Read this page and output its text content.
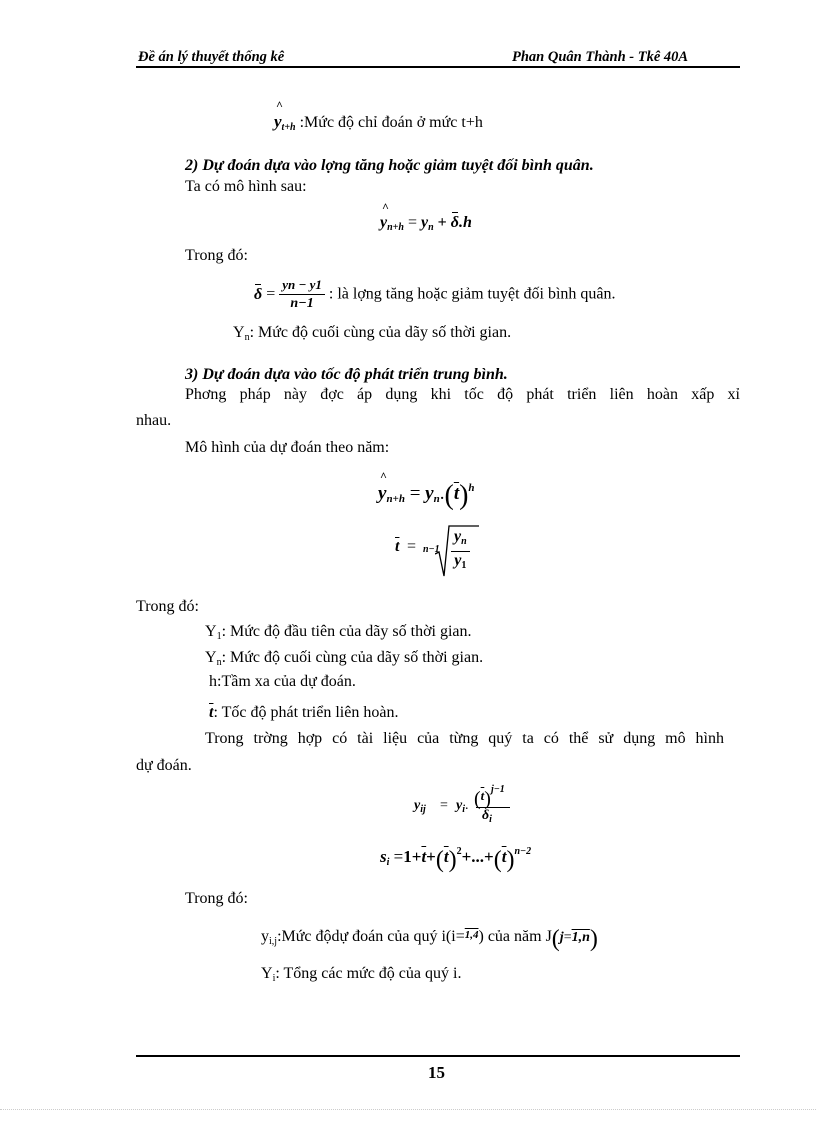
Đề án lý thuyết thống kê	Phan Quân Thành - Tkê 40A
^ $y_{t+h}$ :Mức độ chỉ đoán ở mức t+h
2) Dự đoán dựa vào lợng tăng hoặc giảm tuyệt đối bình quân.
Ta có mô hình sau:
^ $y_{n+h} = y_n + \delta.h$
Trong đó:
$\delta = \frac{yn - y1}{n-1}$ : là lợng tăng hoặc giảm tuyệt đối bình quân.
$Y_n$: Mức độ cuối cùng của dãy số thời gian.
3) Dự đoán dựa vào tốc độ phát triển trung bình.
Phơng pháp này đợc áp dụng khi tốc độ phát triển liên hoàn xấp xỉ
nhau.
Mô hình của dự đoán theo năm:
^ $y_{n+h} = y_n.(\overline{t})^h$
$\overline{t} = n-1 \frac{y_n}{y_1}$
Trong đó:
$Y_1$: Mức độ đầu tiên của dãy số thời gian.
$Y_n$: Mức độ cuối cùng của dãy số thời gian.
h:Tầm xa của dự đoán.
$\overline{t}$: Tốc độ phát triển liên hoàn.
Trong trờng hợp có tài liệu của từng quý ta có thể sử dụng mô hình
dự đoán.
$y_{ij} = y_i$. $(\overline{t})^{j-1}$
$\delta_i$
$s_i =1+\overline{t}+(\overline{t})^2+...+(\overline{t})^{n-2}$
Trong đó:
$y_{i,j}:Mức$ độdự đoán của quý i(i=1,4) của năm J(j=1,n)
$Y_i$: Tổng các mức độ của quý i.
15
